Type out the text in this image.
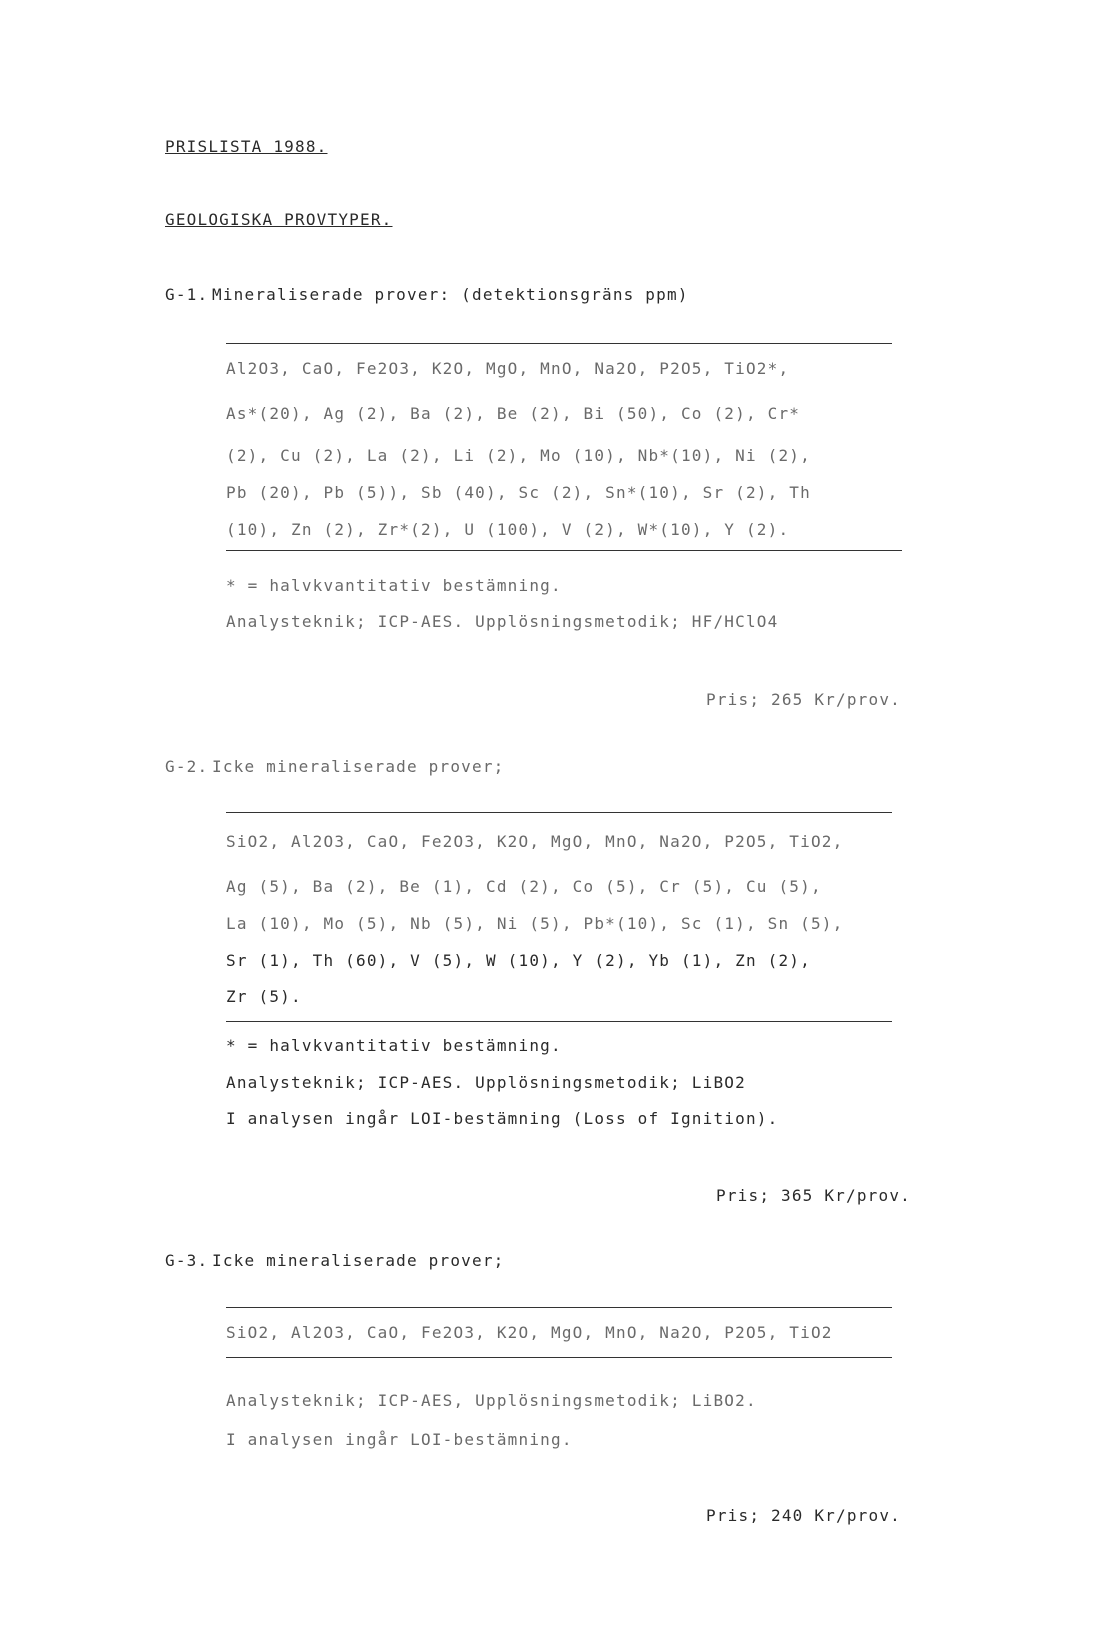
PRISLISTA 1988.
GEOLOGISKA PROVTYPER.
G-1. Mineraliserade prover: (detektionsgräns ppm)
Al2O3, CaO, Fe2O3, K2O, MgO, MnO, Na2O, P2O5, TiO2*,
As*(20), Ag (2), Ba (2), Be (2), Bi (50), Co (2), Cr*
(2), Cu (2), La (2), Li (2), Mo (10), Nb*(10), Ni (2),
Pb (20), Pb (5)), Sb (40), Sc (2), Sn*(10), Sr (2), Th
(10), Zn (2), Zr*(2), U (100), V (2), W*(10), Y (2).
* = halvkvantitativ bestämning.
Analysteknik; ICP-AES. Upplösningsmetodik; HF/HClO4
Pris; 265 Kr/prov.
G-2. Icke mineraliserade prover;
SiO2, Al2O3, CaO, Fe2O3, K2O, MgO, MnO, Na2O, P2O5, TiO2,
Ag (5), Ba (2), Be (1), Cd (2), Co (5), Cr (5), Cu (5),
La (10), Mo (5), Nb (5), Ni (5), Pb*(10), Sc (1), Sn (5),
Sr (1), Th (60), V (5), W (10), Y (2), Yb (1), Zn (2),
Zr (5).
* = halvkvantitativ bestämning.
Analysteknik; ICP-AES. Upplösningsmetodik; LiBO2
I analysen ingår LOI-bestämning (Loss of Ignition).
Pris; 365 Kr/prov.
G-3. Icke mineraliserade prover;
SiO2, Al2O3, CaO, Fe2O3, K2O, MgO, MnO, Na2O, P2O5, TiO2
Analysteknik; ICP-AES, Upplösningsmetodik; LiBO2.
I analysen ingår LOI-bestämning.
Pris; 240 Kr/prov.
